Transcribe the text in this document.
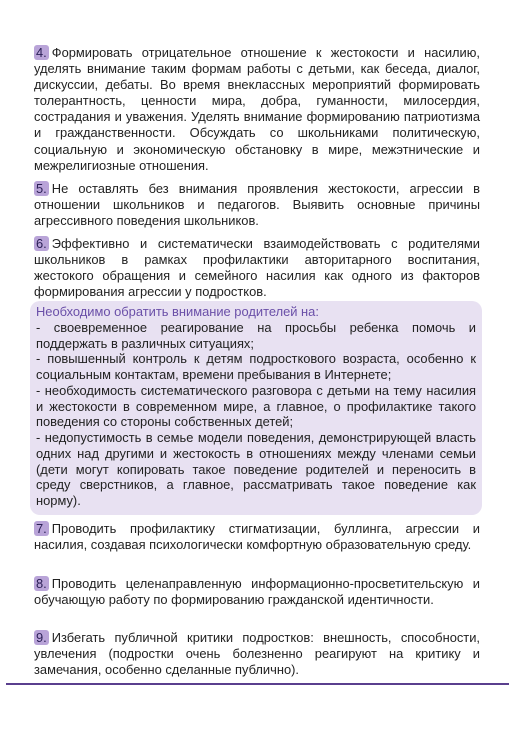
4. Формировать отрицательное отношение к жестокости и насилию, уделять внимание таким формам работы с детьми, как беседа, диалог, дискуссии, дебаты. Во время внеклассных мероприятий формировать толерантность, ценности мира, добра, гуманности, милосердия, сострадания и уважения. Уделять внимание формированию патриотизма и гражданственности. Обсуждать со школьниками политическую, социальную и экономическую обстановку в мире, межэтнические и межрелигиозные отношения.
5. Не оставлять без внимания проявления жестокости, агрессии в отношении школьников и педагогов. Выявить основные причины агрессивного поведения школьников.
6. Эффективно и систематически взаимодействовать с родителями школьников в рамках профилактики авторитарного воспитания, жестокого обращения и семейного насилия как одного из факторов формирования агрессии у подростков.
Необходимо обратить внимание родителей на:
- своевременное реагирование на просьбы ребенка помочь и поддержать в различных ситуациях;
- повышенный контроль к детям подросткового возраста, особенно к социальным контактам, времени пребывания в Интернете;
- необходимость систематического разговора с детьми на тему насилия и жестокости в современном мире, а главное, о профилактике такого поведения со стороны собственных детей;
- недопустимость в семье модели поведения, демонстрирующей власть одних над другими и жестокость в отношениях между членами семьи (дети могут копировать такое поведение родителей и переносить в среду сверстников, а главное, рассматривать такое поведение как норму).
7. Проводить профилактику стигматизации, буллинга, агрессии и насилия, создавая психологически комфортную образовательную среду.
8. Проводить целенаправленную информационно-просветительскую и обучающую работу по формированию гражданской идентичности.
9. Избегать публичной критики подростков: внешность, способности, увлечения (подростки очень болезненно реагируют на критику и замечания, особенно сделанные публично).
